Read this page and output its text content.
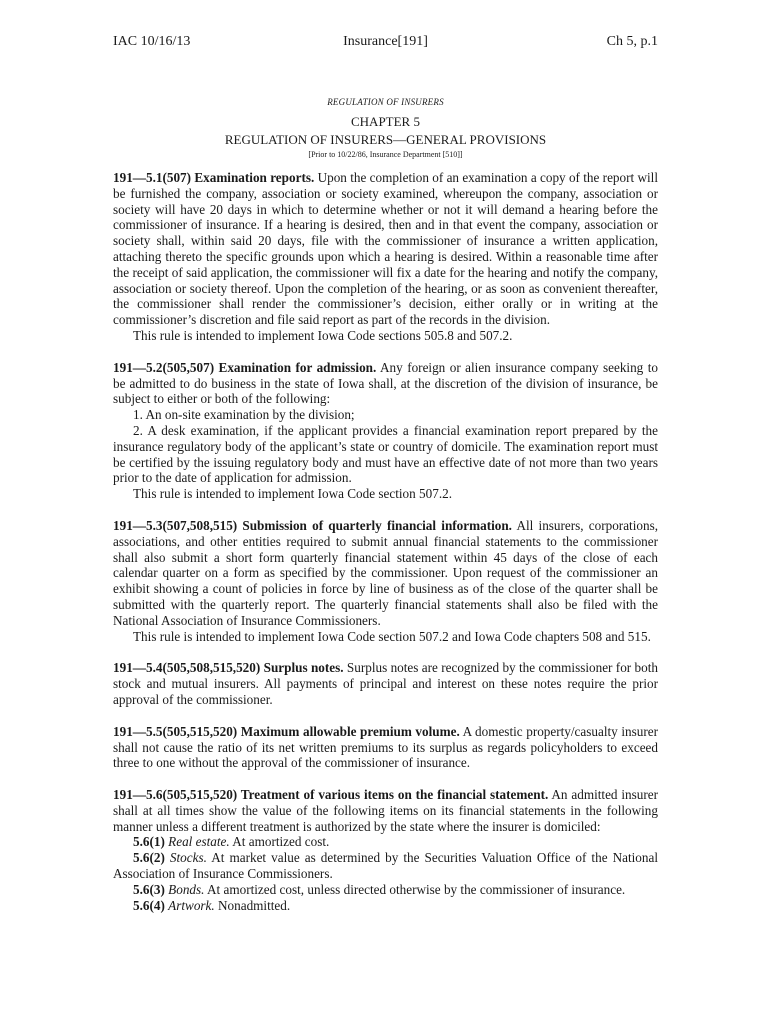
IAC 10/16/13	Insurance[191]	Ch 5, p.1
REGULATION OF INSURERS
CHAPTER 5
REGULATION OF INSURERS—GENERAL PROVISIONS
[Prior to 10/22/86, Insurance Department [510]]

191—5.1(507) Examination reports. Upon the completion of an examination a copy of the report will be furnished the company, association or society examined, whereupon the company, association or society will have 20 days in which to determine whether or not it will demand a hearing before the commissioner of insurance. If a hearing is desired, then and in that event the company, association or society shall, within said 20 days, file with the commissioner of insurance a written application, attaching thereto the specific grounds upon which a hearing is desired. Within a reasonable time after the receipt of said application, the commissioner will fix a date for the hearing and notify the company, association or society thereof. Upon the completion of the hearing, or as soon as convenient thereafter, the commissioner shall render the commissioner’s decision, either orally or in writing at the commissioner’s discretion and file said report as part of the records in the division.

This rule is intended to implement Iowa Code sections 505.8 and 507.2.

191—5.2(505,507) Examination for admission. Any foreign or alien insurance company seeking to be admitted to do business in the state of Iowa shall, at the discretion of the division of insurance, be subject to either or both of the following:

1. An on-site examination by the division;

2. A desk examination, if the applicant provides a financial examination report prepared by the insurance regulatory body of the applicant’s state or country of domicile. The examination report must be certified by the issuing regulatory body and must have an effective date of not more than two years prior to the date of application for admission.

This rule is intended to implement Iowa Code section 507.2.

191—5.3(507,508,515) Submission of quarterly financial information. All insurers, corporations, associations, and other entities required to submit annual financial statements to the commissioner shall also submit a short form quarterly financial statement within 45 days of the close of each calendar quarter on a form as specified by the commissioner. Upon request of the commissioner an exhibit showing a count of policies in force by line of business as of the close of the quarter shall be submitted with the quarterly report. The quarterly financial statements shall also be filed with the National Association of Insurance Commissioners.

This rule is intended to implement Iowa Code section 507.2 and Iowa Code chapters 508 and 515.

191—5.4(505,508,515,520) Surplus notes. Surplus notes are recognized by the commissioner for both stock and mutual insurers. All payments of principal and interest on these notes require the prior approval of the commissioner.

191—5.5(505,515,520) Maximum allowable premium volume. A domestic property/casualty insurer shall not cause the ratio of its net written premiums to its surplus as regards policyholders to exceed three to one without the approval of the commissioner of insurance.

191—5.6(505,515,520) Treatment of various items on the financial statement. An admitted insurer shall at all times show the value of the following items on its financial statements in the following manner unless a different treatment is authorized by the state where the insurer is domiciled:

5.6(1) Real estate. At amortized cost.

5.6(2) Stocks. At market value as determined by the Securities Valuation Office of the National Association of Insurance Commissioners.

5.6(3) Bonds. At amortized cost, unless directed otherwise by the commissioner of insurance.

5.6(4) Artwork. Nonadmitted.
